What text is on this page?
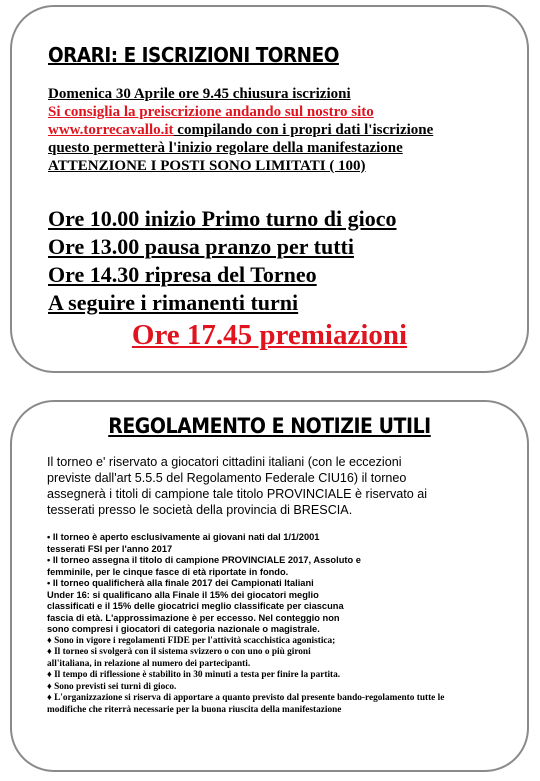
ORARI: E ISCRIZIONI TORNEO
Domenica 30 Aprile ore 9.45 chiusura iscrizioni
Si consiglia la preiscrizione andando sul nostro sito
www.torrecavallo.it compilando con i propri dati l'iscrizione
questo permetterà l'inizio regolare della manifestazione
ATTENZIONE I POSTI SONO LIMITATI ( 100)
Ore 10.00 inizio Primo turno di gioco
Ore 13.00 pausa pranzo per tutti
Ore 14.30 ripresa del Torneo
A seguire i rimanenti turni
Ore 17.45 premiazioni
REGOLAMENTO E NOTIZIE UTILI
Il torneo e' riservato a giocatori cittadini italiani (con le eccezioni
previste dall'art 5.5.5 del Regolamento Federale CIU16) il torneo
assegnerà i titoli di campione tale titolo PROVINCIALE è riservato ai
tesserati presso le società della provincia di BRESCIA.
• Il torneo è aperto esclusivamente ai giovani nati dal 1/1/2001
tesserati FSI per l'anno 2017
• Il torneo assegna il titolo di campione PROVINCIALE 2017, Assoluto e
femminile, per le cinque fasce di età riportate in fondo.
• Il torneo qualificherà alla finale 2017 dei Campionati Italiani
Under 16: si qualificano alla Finale il 15% dei giocatori meglio
classificati e il 15% delle giocatrici meglio classificate per ciascuna
fascia di età. L'approssimazione è per eccesso. Nel conteggio non
sono compresi i giocatori di categoria nazionale o magistrale.
♦ Sono in vigore i regolamenti FIDE per l'attività scacchistica agonistica;
♦ Il torneo si svolgerà con il sistema svizzero o con uno o più gironi
all'italiana, in relazione al numero dei partecipanti.
♦ Il tempo di riflessione è stabilito in 30 minuti a testa per finire la partita.
♦ Sono previsti sei turni di gioco.
♦ L'organizzazione si riserva di apportare a quanto previsto dal presente bando-regolamento tutte le
modifiche che riterrà necessarie per la buona riuscita della manifestazione
